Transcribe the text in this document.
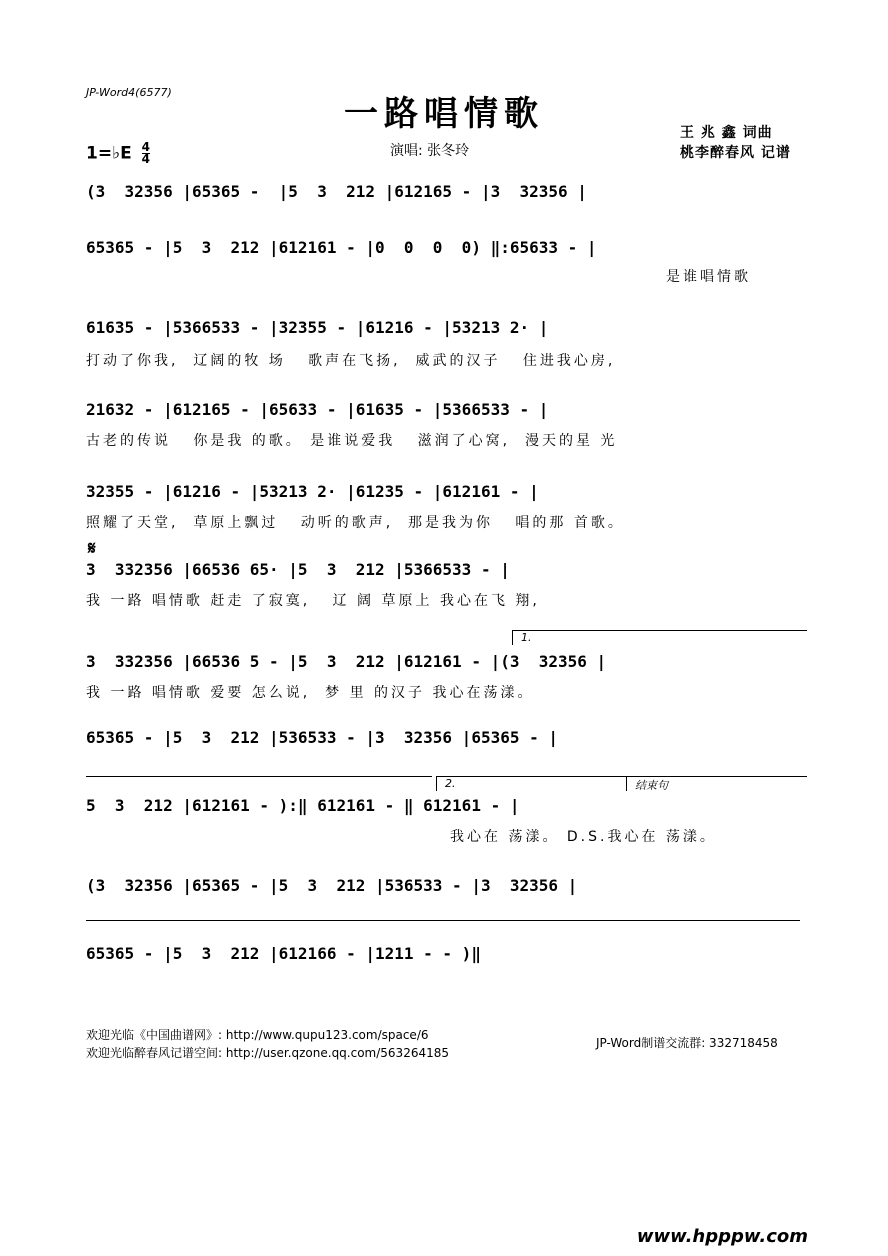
JP-Word4(6577)
一路唱情歌	王 兆 鑫 词曲
桃李醉春风 记谱
1=♭E $\frac{4}{4}$	演唱: 张冬玲
(3  32356 |65365 -  |5  3  212 |612165 - |3  32356 |
65365 - |5  3  212 |612161 - |0  0  0  0) ‖:65633 - |
是谁唱情歌
61635 - |5366533 - |32355 - |61216 - |53213 2· |
打动了你我,  辽阔的牧 场   歌声在飞扬,  威武的汉子   住进我心房,
21632 - |612165 - |65633 - |61635 - |5366533 - |
古老的传说   你是我 的歌。 是谁说爱我   滋润了心窝,  漫天的星 光
32355 - |61216 - |53213 2· |61235 - |612161 - |
照耀了天堂,  草原上飘过   动听的歌声,  那是我为你   唱的那 首歌。
𝄋
3  332356 |66536 65· |5  3  212 |5366533 - |
我 一路 唱情歌 赶走 了寂寞,   辽 阔 草原上 我心在飞 翔,
1.
3  332356 |66536 5 - |5  3  212 |612161 - |(3  32356 |
我 一路 唱情歌 爱要 怎么说,  梦 里 的汉子 我心在荡漾。
65365 - |5  3  212 |536533 - |3  32356 |65365 - |
2.	结束句
5  3  212 |612161 - ):‖ 612161 - ‖ 612161 - |
我心在 荡漾。 D.S.我心在 荡漾。
(3  32356 |65365 - |5  3  212 |536533 - |3  32356 |
65365 - |5  3  212 |612166 - |1211 - - )‖
欢迎光临《中国曲谱网》: http://www.qupu123.com/space/6
欢迎光临醉春风记谱空间: http://user.qzone.qq.com/563264185
JP-Word制谱交流群: 332718458
www.hpppw.com
